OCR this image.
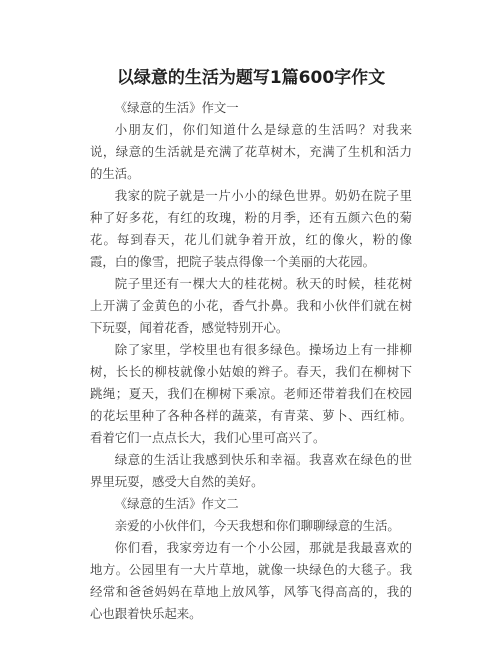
以绿意的生活为题写1篇600字作文

《绿意的生活》作文一

小朋友们，你们知道什么是绿意的生活吗？对我来说，绿意的生活就是充满了花草树木，充满了生机和活力的生活。

我家的院子就是一片小小的绿色世界。奶奶在院子里种了好多花，有红的玫瑰，粉的月季，还有五颜六色的菊花。每到春天，花儿们就争着开放，红的像火，粉的像霞，白的像雪，把院子装点得像一个美丽的大花园。

院子里还有一棵大大的桂花树。秋天的时候，桂花树上开满了金黄色的小花，香气扑鼻。我和小伙伴们就在树下玩耍，闻着花香，感觉特别开心。

除了家里，学校里也有很多绿色。操场边上有一排柳树，长长的柳枝就像小姑娘的辫子。春天，我们在柳树下跳绳；夏天，我们在柳树下乘凉。老师还带着我们在校园的花坛里种了各种各样的蔬菜，有青菜、萝卜、西红柿。看着它们一点点长大，我们心里可高兴了。

绿意的生活让我感到快乐和幸福。我喜欢在绿色的世界里玩耍，感受大自然的美好。

《绿意的生活》作文二

亲爱的小伙伴们，今天我想和你们聊聊绿意的生活。

你们看，我家旁边有一个小公园，那就是我最喜欢的地方。公园里有一大片草地，就像一块绿色的大毯子。我经常和爸爸妈妈在草地上放风筝，风筝飞得高高的，我的心也跟着快乐起来。
